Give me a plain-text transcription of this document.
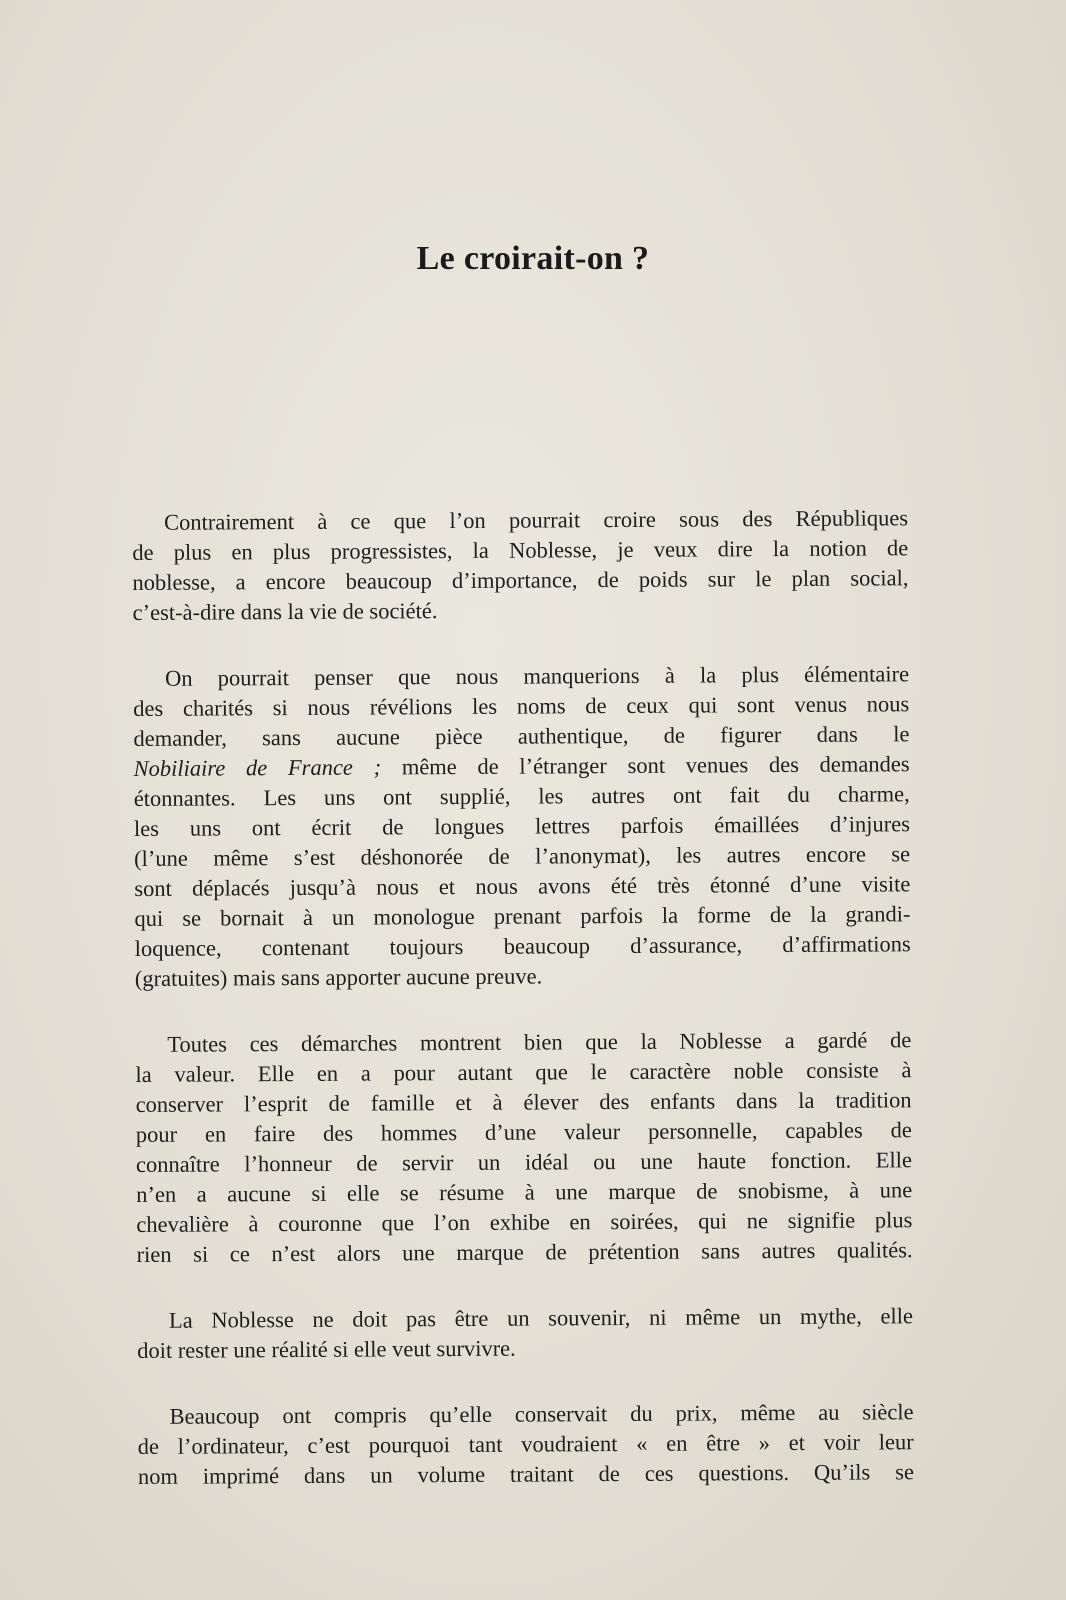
Le croirait-on ?
Contrairement à ce que l’on pourrait croire sous des Républiques
de plus en plus progressistes, la Noblesse, je veux dire la notion de
noblesse, a encore beaucoup d’importance, de poids sur le plan social,
c’est-à-dire dans la vie de société.
On pourrait penser que nous manquerions à la plus élémentaire
des charités si nous révélions les noms de ceux qui sont venus nous
demander, sans aucune pièce authentique, de figurer dans le
Nobiliaire de France ; même de l’étranger sont venues des demandes
étonnantes. Les uns ont supplié, les autres ont fait du charme,
les uns ont écrit de longues lettres parfois émaillées d’injures
(l’une même s’est déshonorée de l’anonymat), les autres encore se
sont déplacés jusqu’à nous et nous avons été très étonné d’une visite
qui se bornait à un monologue prenant parfois la forme de la grandi-
loquence, contenant toujours beaucoup d’assurance, d’affirmations
(gratuites) mais sans apporter aucune preuve.
Toutes ces démarches montrent bien que la Noblesse a gardé de
la valeur. Elle en a pour autant que le caractère noble consiste à
conserver l’esprit de famille et à élever des enfants dans la tradition
pour en faire des hommes d’une valeur personnelle, capables de
connaître l’honneur de servir un idéal ou une haute fonction. Elle
n’en a aucune si elle se résume à une marque de snobisme, à une
chevalière à couronne que l’on exhibe en soirées, qui ne signifie plus
rien si ce n’est alors une marque de prétention sans autres qualités.
La Noblesse ne doit pas être un souvenir, ni même un mythe, elle
doit rester une réalité si elle veut survivre.
Beaucoup ont compris qu’elle conservait du prix, même au siècle
de l’ordinateur, c’est pourquoi tant voudraient « en être » et voir leur
nom imprimé dans un volume traitant de ces questions. Qu’ils se
